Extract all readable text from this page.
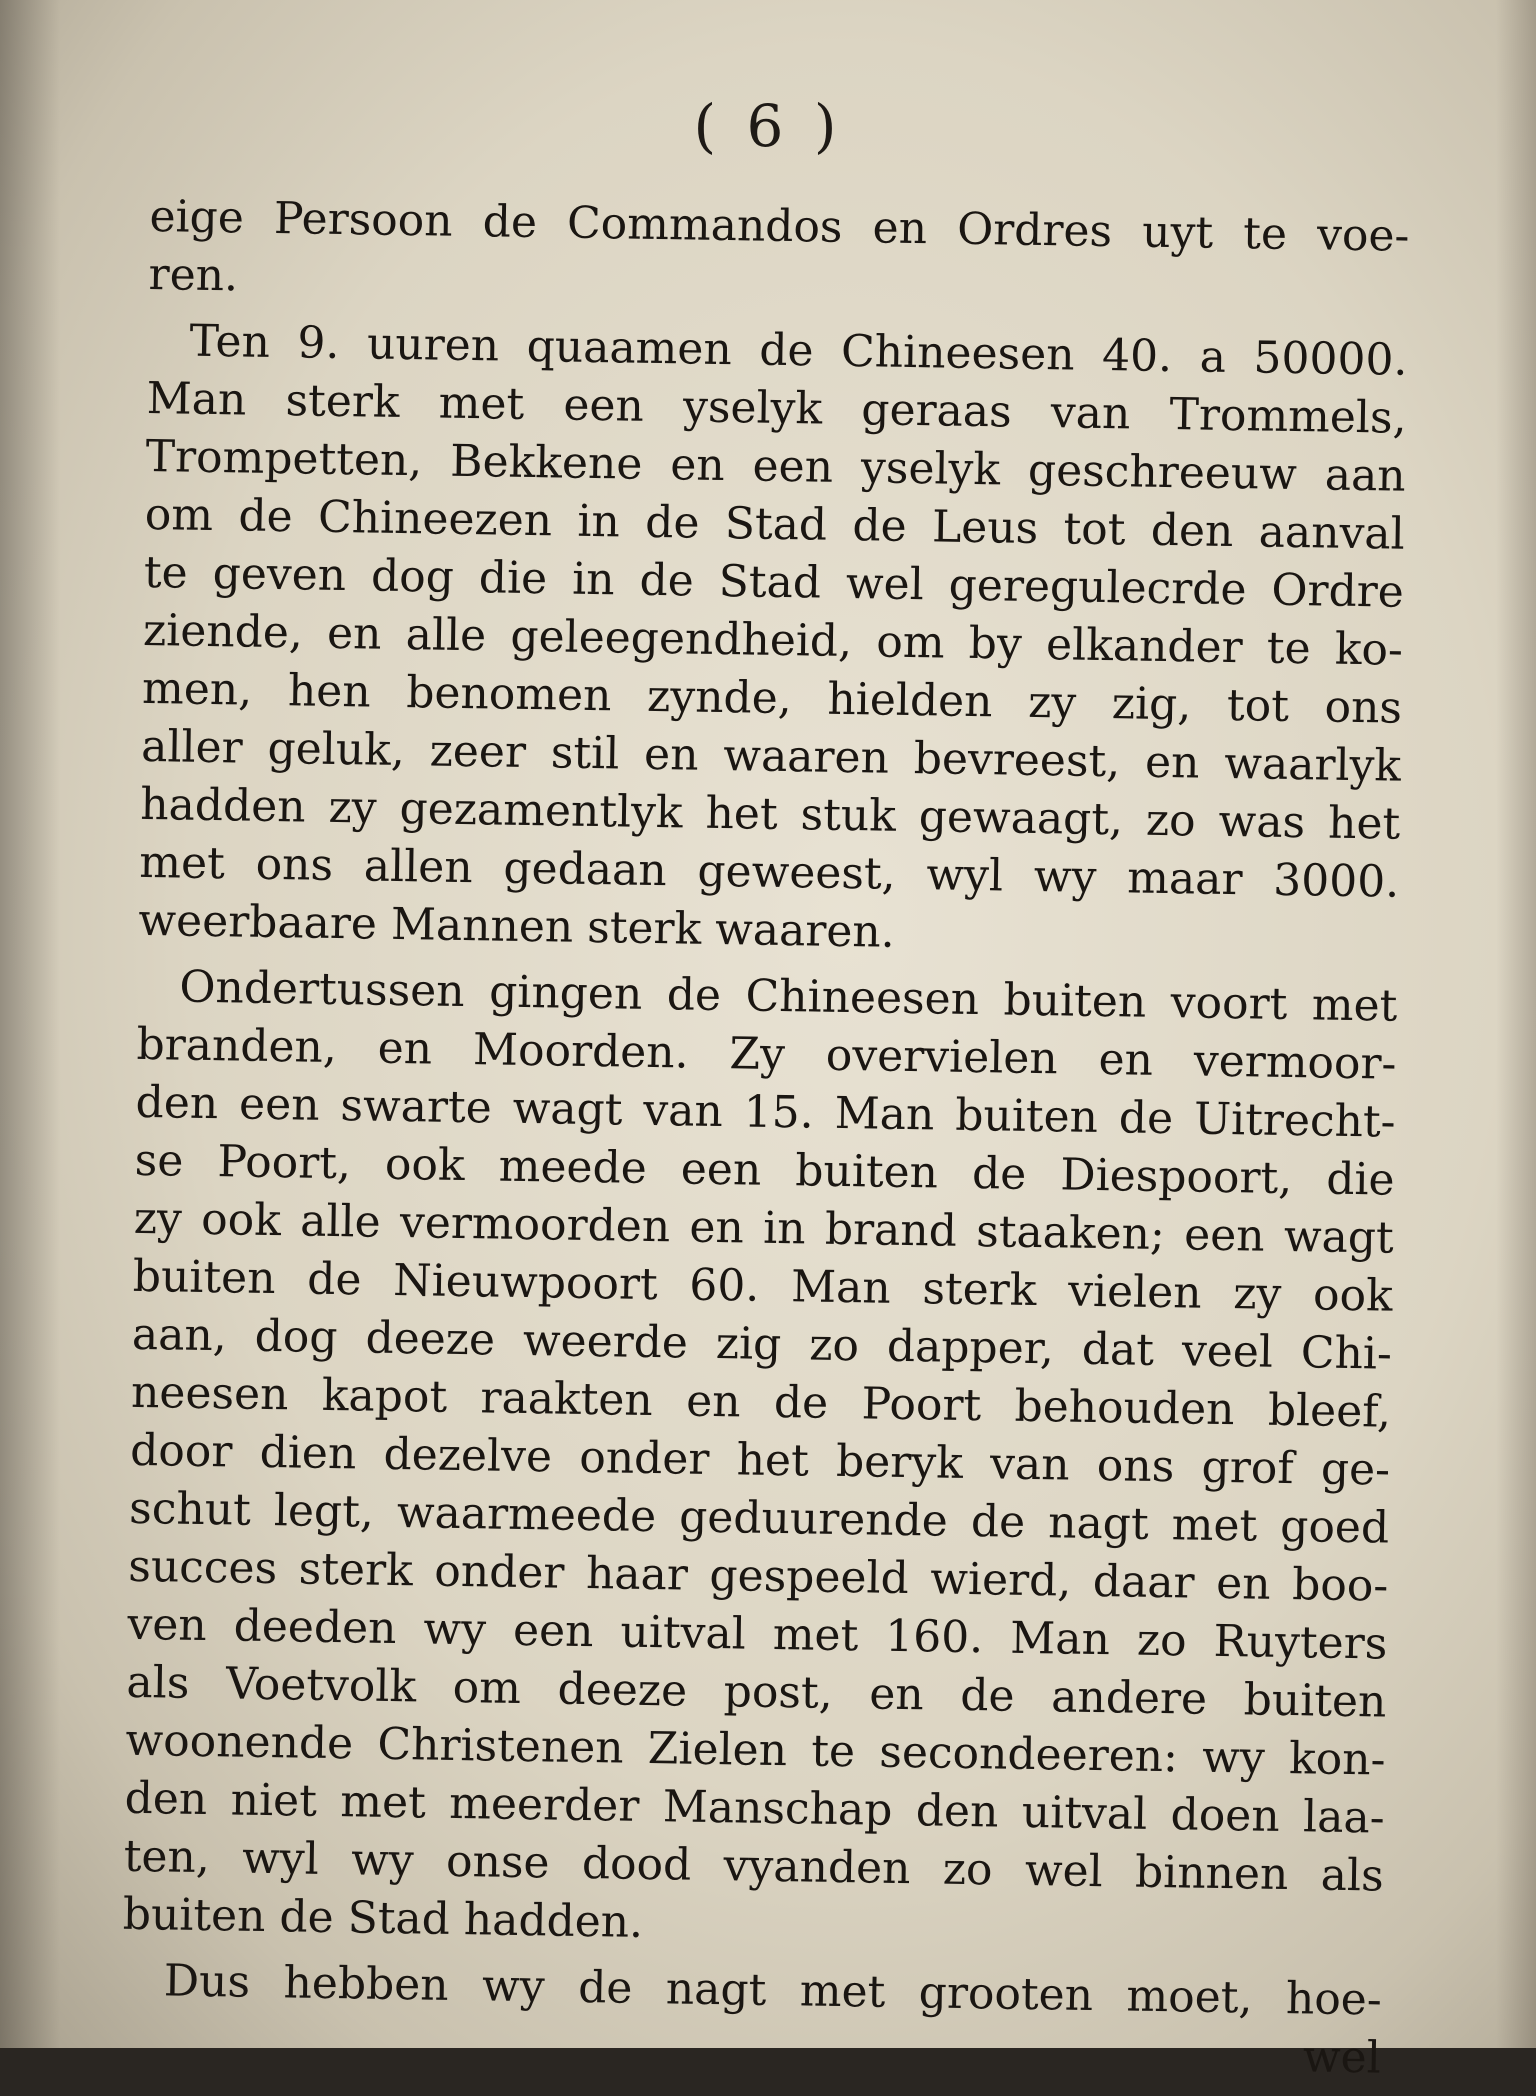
( 6 )
eige Persoon de Commandos en Ordres uyt te voe-
ren.
Ten 9. uuren quaamen de Chineesen 40. a 50000.
Man sterk met een yselyk geraas van Trommels,
Trompetten, Bekkene en een yselyk geschreeuw aan
om de Chineezen in de Stad de Leus tot den aanval
te geven dog die in de Stad wel geregulecrde Ordre
ziende, en alle geleegendheid, om by elkander te ko-
men, hen benomen zynde, hielden zy zig, tot ons
aller geluk, zeer stil en waaren bevreest, en waarlyk
hadden zy gezamentlyk het stuk gewaagt, zo was het
met ons allen gedaan geweest, wyl wy maar 3000.
weerbaare Mannen sterk waaren.
Ondertussen gingen de Chineesen buiten voort met
branden, en Moorden. Zy overvielen en vermoor-
den een swarte wagt van 15. Man buiten de Uitrecht-
se Poort, ook meede een buiten de Diespoort, die
zy ook alle vermoorden en in brand staaken; een wagt
buiten de Nieuwpoort 60. Man sterk vielen zy ook
aan, dog deeze weerde zig zo dapper, dat veel Chi-
neesen kapot raakten en de Poort behouden bleef,
door dien dezelve onder het beryk van ons grof ge-
schut legt, waarmeede geduurende de nagt met goed
succes sterk onder haar gespeeld wierd, daar en boo-
ven deeden wy een uitval met 160. Man zo Ruyters
als Voetvolk om deeze post, en de andere buiten
woonende Christenen Zielen te secondeeren: wy kon-
den niet met meerder Manschap den uitval doen laa-
ten, wyl wy onse dood vyanden zo wel binnen als
buiten de Stad hadden.
Dus hebben wy de nagt met grooten moet, hoe-
wel
